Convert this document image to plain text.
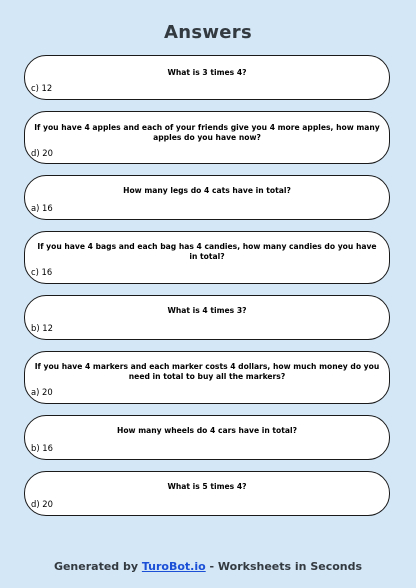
Answers
What is 3 times 4?
c) 12
If you have 4 apples and each of your friends give you 4 more apples, how many apples do you have now?
d) 20
How many legs do 4 cats have in total?
a) 16
If you have 4 bags and each bag has 4 candies, how many candies do you have in total?
c) 16
What is 4 times 3?
b) 12
If you have 4 markers and each marker costs 4 dollars, how much money do you need in total to buy all the markers?
a) 20
How many wheels do 4 cars have in total?
b) 16
What is 5 times 4?
d) 20
Generated by TuroBot.io - Worksheets in Seconds
